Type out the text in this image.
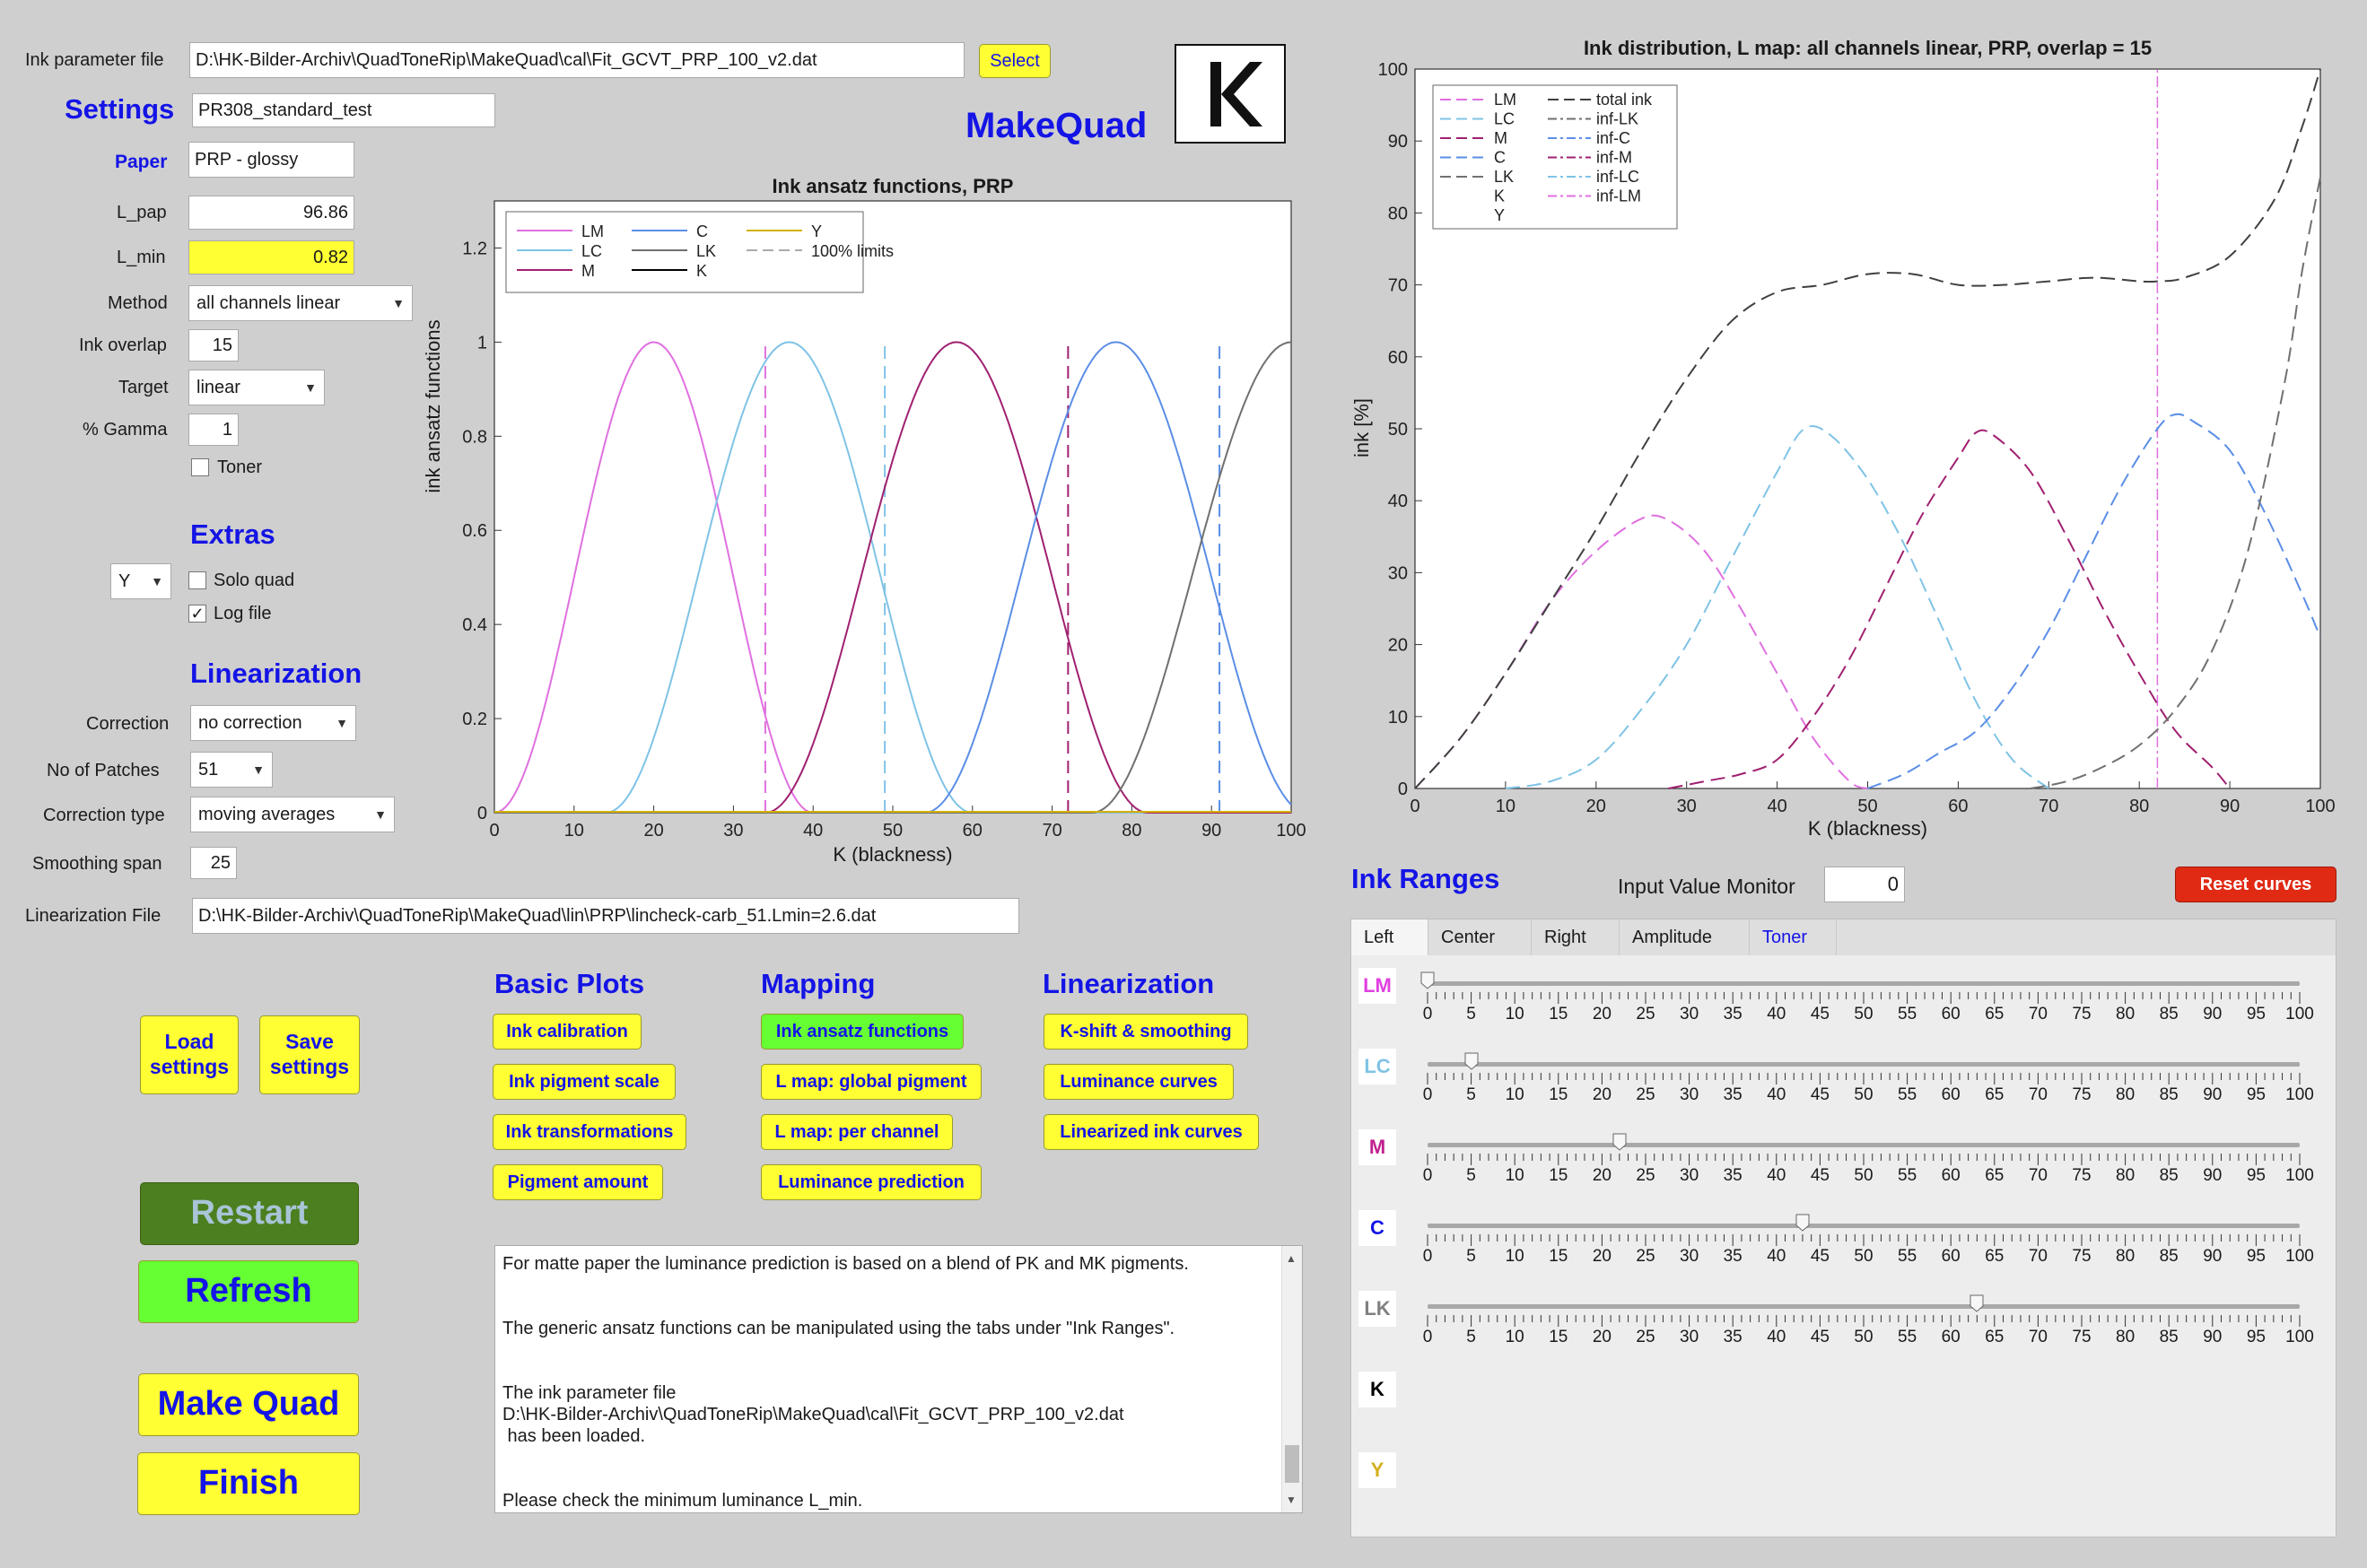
Ink parameter file	D:\HK-Bilder-Archiv\QuadToneRip\MakeQuad\cal\Fit_GCVT_PRP_100_v2.dat	Select
Settings	PR308_standard_test
Paper	PRP - glossy
L_pap	96.86
L_min	0.82
Method all channels linear	▼
Ink overlap	15
Target linear	▼
% Gamma	1
Toner
Extras
Y ▼	Solo quad
✓ Log file
Linearization
Correction no correction	▼
No of Patches 51	▼
Correction type moving averages	▼
Smoothing span	25
Linearization File	D:\HK-Bilder-Archiv\QuadToneRip\MakeQuad\lin\PRP\lincheck-carb_51.Lmin=2.6.dat
Load
settings
Save
settings
Restart
Refresh
Make Quad
Finish
MakeQuad
ink ansatz functions
Ink ansatz functions, PRP
0	10	20	30	40	50	60	70	80	90	100
0
0.2
0.4
0.6
0.8
1
1.2
LM
LC
M
C
LK
K
Y
100% limits
K (blackness)
Ink distribution, L map: all channels linear, PRP, overlap = 15
ink [%]
0	10	20	30	40	50	60	70	80	90	100
0
10
20
30
40
50
60
70
80
90
100
LM
LC
M
C
LK
K
Y
total ink
inf-LK
inf-C
inf-M
inf-LC
inf-LM
K (blackness)
Basic Plots	Mapping	Linearization
Ink calibration
Ink pigment scale
Ink transformations
Pigment amount
Ink ansatz functions
L map: global pigment
L map: per channel
Luminance prediction
K-shift & smoothing
Luminance curves
Linearized ink curves
For matte paper the luminance prediction is based on a blend of PK and MK pigments.
The generic ansatz functions can be manipulated using the tabs under "Ink Ranges".
The ink parameter file
D:\HK-Bilder-Archiv\QuadToneRip\MakeQuad\cal\Fit_GCVT_PRP_100_v2.dat
has been loaded.
Please check the minimum luminance L_min.
▲
▼
Ink Ranges	Input Value Monitor	0	Reset curves
Left	Center	Right	Amplitude	Toner
LM
0 5 10 15 20 25 30 35 40 45 50 55 60 65 70 75 80 85 90 95 100
LC
0 5 10 15 20 25 30 35 40 45 50 55 60 65 70 75 80 85 90 95 100
M
0 5 10 15 20 25 30 35 40 45 50 55 60 65 70 75 80 85 90 95 100
C
0 5 10 15 20 25 30 35 40 45 50 55 60 65 70 75 80 85 90 95 100
LK
0 5 10 15 20 25 30 35 40 45 50 55 60 65 70 75 80 85 90 95 100
K
Y
